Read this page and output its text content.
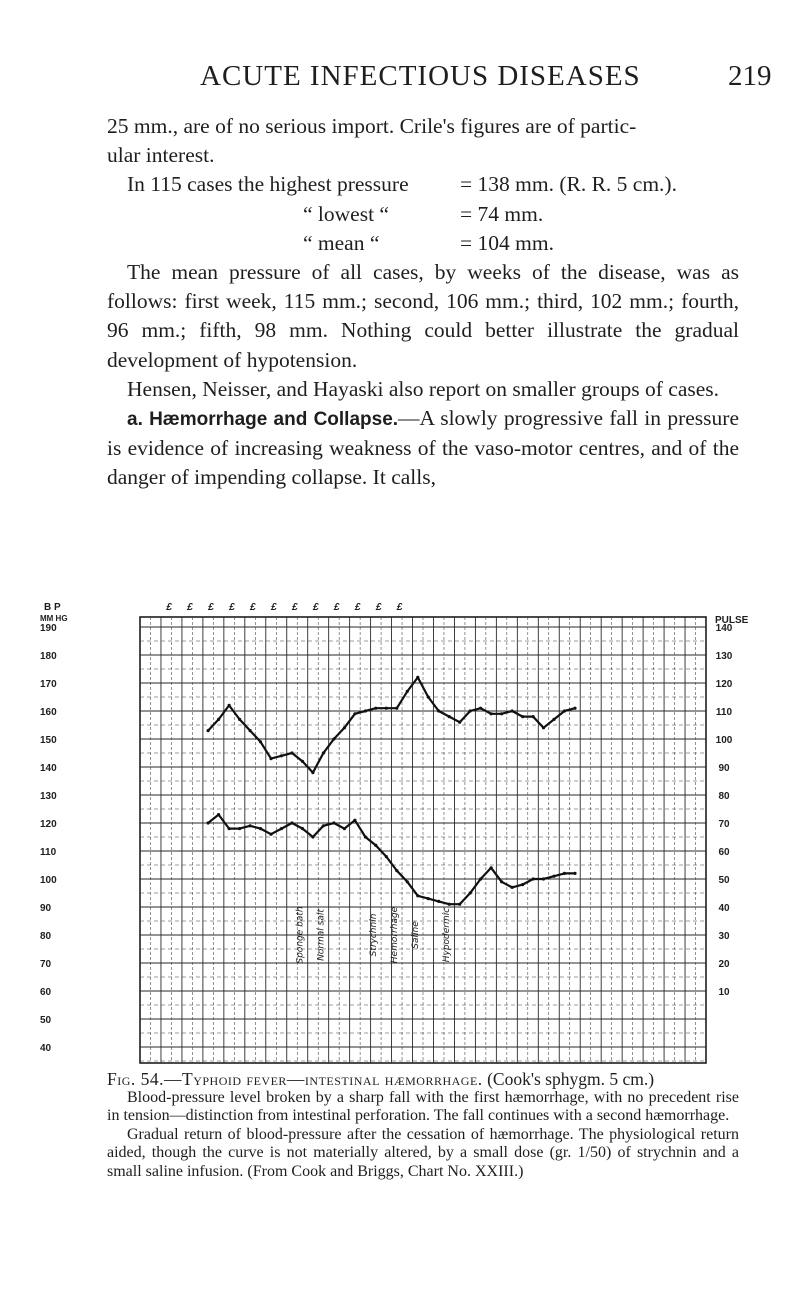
ACUTE INFECTIOUS DISEASES	219

25 mm., are of no serious import. Crile's figures are of partic-

ular interest.

In 115 cases the highest pressure = 138 mm. (R. R. 5 cm.).
“ lowest “	= 74 mm.
“ mean “	= 104 mm.

The mean pressure of all cases, by weeks of the disease, was as follows: first week, 115 mm.; second, 106 mm.; third, 102 mm.; fourth, 96 mm.; fifth, 98 mm. Nothing could better illustrate the gradual development of hypotension.

Hensen, Neisser, and Hayaski also report on smaller groups of cases.

a. Hæmorrhage and Collapse.—A slowly progressive fall in pressure is evidence of increasing weakness of the vaso-motor centres, and of the danger of impending collapse. It calls,

B P
MM HG	PULSE
190
180
170
160
150
140
130
120
110
100
90
80
70
60
50
40
140
130
120
110
100
90
80
70
60
50
40
30
20
10
£ £ £ £ £ £ £ £ £ £ £ £
Sponge bath Normal salt	Strychnin Hemorrhage Saline Hypodermic

Fig. 54.—Typhoid fever—intestinal hæmorrhage. (Cook's sphygm. 5 cm.)

Blood-pressure level broken by a sharp fall with the first hæmorrhage, with no precedent rise in tension—distinction from intestinal perforation. The fall continues with a second hæmorrhage.

Gradual return of blood-pressure after the cessation of hæmorrhage. The physiological return aided, though the curve is not materially altered, by a small dose (gr. 1/50) of strychnin and a small saline infusion. (From Cook and Briggs, Chart No. XXIII.)
